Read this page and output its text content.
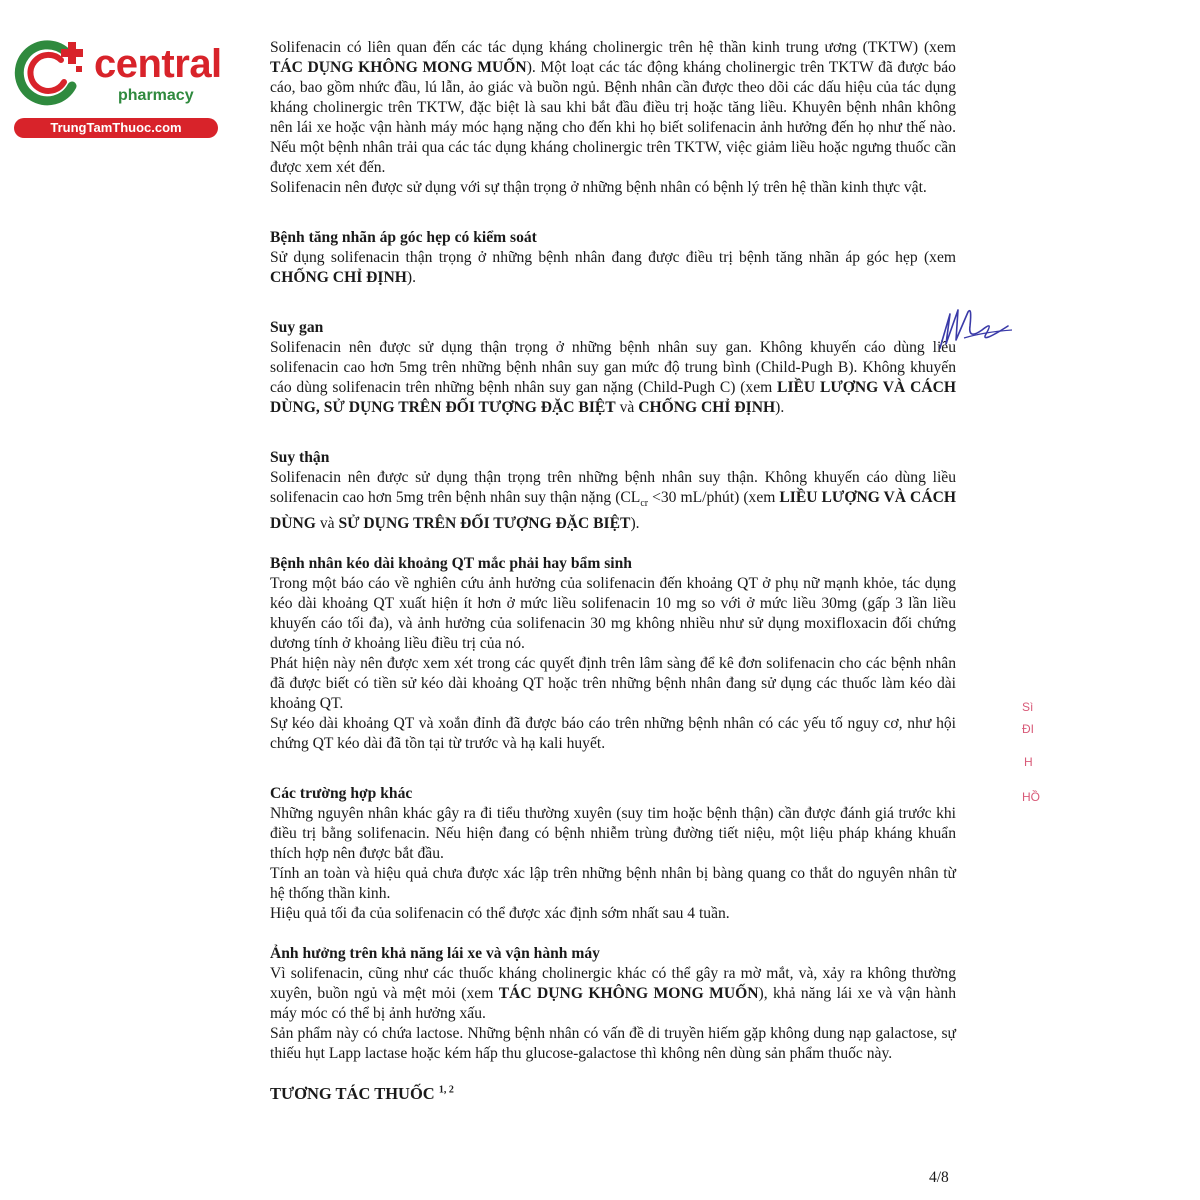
central
pharmacy
TrungTamThuoc.com

Solifenacin có liên quan đến các tác dụng kháng cholinergic trên hệ thần kinh trung ương (TKTW) (xem TÁC DỤNG KHÔNG MONG MUỐN). Một loạt các tác động kháng cholinergic trên TKTW đã được báo cáo, bao gồm nhức đầu, lú lẫn, ảo giác và buồn ngủ. Bệnh nhân cần được theo dõi các dấu hiệu của tác dụng kháng cholinergic trên TKTW, đặc biệt là sau khi bắt đầu điều trị hoặc tăng liều. Khuyên bệnh nhân không nên lái xe hoặc vận hành máy móc hạng nặng cho đến khi họ biết solifenacin ảnh hưởng đến họ như thế nào. Nếu một bệnh nhân trải qua các tác dụng kháng cholinergic trên TKTW, việc giảm liều hoặc ngưng thuốc cần được xem xét đến.

Solifenacin nên được sử dụng với sự thận trọng ở những bệnh nhân có bệnh lý trên hệ thần kinh thực vật.

Bệnh tăng nhãn áp góc hẹp có kiểm soát

Sử dụng solifenacin thận trọng ở những bệnh nhân đang được điều trị bệnh tăng nhãn áp góc hẹp (xem CHỐNG CHỈ ĐỊNH).

Suy gan

Solifenacin nên được sử dụng thận trọng ở những bệnh nhân suy gan. Không khuyến cáo dùng liều solifenacin cao hơn 5mg trên những bệnh nhân suy gan mức độ trung bình (Child-Pugh B). Không khuyến cáo dùng solifenacin trên những bệnh nhân suy gan nặng (Child-Pugh C) (xem LIỀU LƯỢNG VÀ CÁCH DÙNG, SỬ DỤNG TRÊN ĐỐI TƯỢNG ĐẶC BIỆT và CHỐNG CHỈ ĐỊNH).

Suy thận

Solifenacin nên được sử dụng thận trọng trên những bệnh nhân suy thận. Không khuyến cáo dùng liều solifenacin cao hơn 5mg trên bệnh nhân suy thận nặng ($CL_{cr} <30$ mL/phút) (xem LIỀU LƯỢNG VÀ CÁCH DÙNG và SỬ DỤNG TRÊN ĐỐI TƯỢNG ĐẶC BIỆT).

Bệnh nhân kéo dài khoảng QT mắc phải hay bẩm sinh

Trong một báo cáo về nghiên cứu ảnh hưởng của solifenacin đến khoảng QT ở phụ nữ mạnh khỏe, tác dụng kéo dài khoảng QT xuất hiện ít hơn ở mức liều solifenacin 10 mg so với ở mức liều 30mg (gấp 3 lần liều khuyến cáo tối đa), và ảnh hưởng của solifenacin 30 mg không nhiều như sử dụng moxifloxacin đối chứng dương tính ở khoảng liều điều trị của nó.

Phát hiện này nên được xem xét trong các quyết định trên lâm sàng để kê đơn solifenacin cho các bệnh nhân đã được biết có tiền sử kéo dài khoảng QT hoặc trên những bệnh nhân đang sử dụng các thuốc làm kéo dài khoảng QT.

Sự kéo dài khoảng QT và xoắn đỉnh đã được báo cáo trên những bệnh nhân có các yếu tố nguy cơ, như hội chứng QT kéo dài đã tồn tại từ trước và hạ kali huyết.

Các trường hợp khác

Những nguyên nhân khác gây ra đi tiểu thường xuyên (suy tim hoặc bệnh thận) cần được đánh giá trước khi điều trị bằng solifenacin. Nếu hiện đang có bệnh nhiễm trùng đường tiết niệu, một liệu pháp kháng khuẩn thích hợp nên được bắt đầu.

Tính an toàn và hiệu quả chưa được xác lập trên những bệnh nhân bị bàng quang co thắt do nguyên nhân từ hệ thống thần kinh.

Hiệu quả tối đa của solifenacin có thể được xác định sớm nhất sau 4 tuần.

Ảnh hưởng trên khả năng lái xe và vận hành máy

Vì solifenacin, cũng như các thuốc kháng cholinergic khác có thể gây ra mờ mắt, và, xảy ra không thường xuyên, buồn ngủ và mệt mỏi (xem TÁC DỤNG KHÔNG MONG MUỐN), khả năng lái xe và vận hành máy móc có thể bị ảnh hưởng xấu.

Sản phẩm này có chứa lactose. Những bệnh nhân có vấn đề di truyền hiếm gặp không dung nạp galactose, sự thiếu hụt Lapp lactase hoặc kém hấp thu glucose-galactose thì không nên dùng sản phẩm thuốc này.

TƯƠNG TÁC THUỐC $^{1, 2}$
Sì
ĐI
H
HỒ
4/8
